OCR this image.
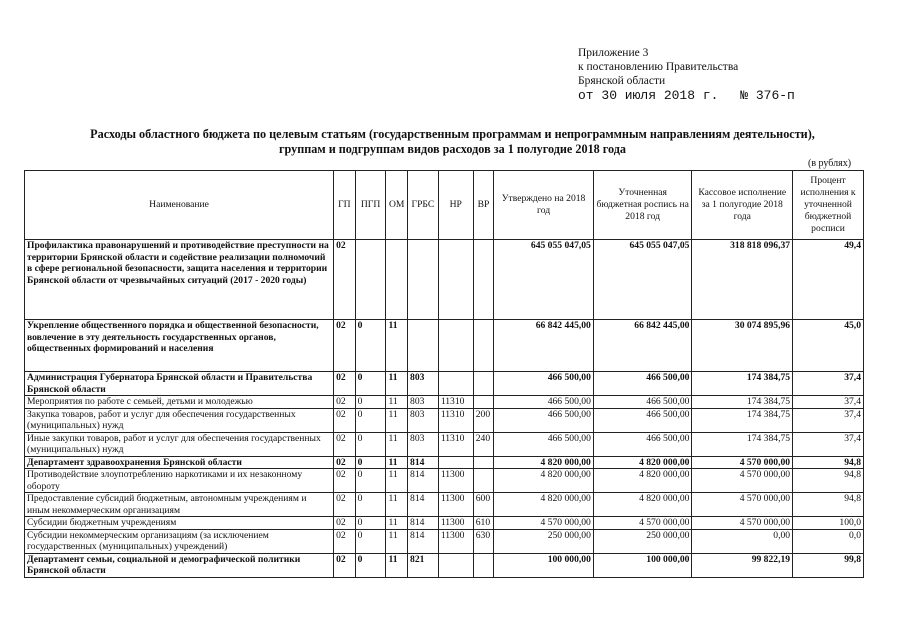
Приложение 3
к постановлению Правительства
Брянской области
от 30 июля 2018 г. № 376-п
Расходы областного бюджета по целевым статьям (государственным программам и непрограммным направлениям деятельности),
группам и подгруппам видов расходов за 1 полугодие 2018 года
(в рублях)
Наименование	ГП	ПГП	ОМ	ГРБС	НР	ВР	Утверждено на 2018 год	Уточненная бюджетная роспись на 2018 год	Кассовое исполнение за 1 полугодие 2018 года	Процент исполнения к уточненной бюджетной росписи
Профилактика правонарушений и противодействие преступности на территории Брянской области и содействие реализации полномочий в сфере региональной безопасности, защита населения и территории Брянской области от чрезвычайных ситуаций (2017 - 2020 годы)	02						645 055 047,05	645 055 047,05	318 818 096,37	49,4
Укрепление общественного порядка и общественной безопасности, вовлечение в эту деятельность государственных органов, общественных формирований и населения	02	0	11				66 842 445,00	66 842 445,00	30 074 895,96	45,0
Администрация Губернатора Брянской области и Правительства Брянской области	02	0	11	803			466 500,00	466 500,00	174 384,75	37,4
Мероприятия по работе с семьей, детьми и молодежью	02	0	11	803	11310		466 500,00	466 500,00	174 384,75	37,4
Закупка товаров, работ и услуг для обеспечения государственных (муниципальных) нужд	02	0	11	803	11310	200	466 500,00	466 500,00	174 384,75	37,4
Иные закупки товаров, работ и услуг для обеспечения государственных (муниципальных) нужд	02	0	11	803	11310	240	466 500,00	466 500,00	174 384,75	37,4
Департамент здравоохранения Брянской области	02	0	11	814			4 820 000,00	4 820 000,00	4 570 000,00	94,8
Противодействие злоупотреблению наркотиками и их незаконному обороту	02	0	11	814	11300		4 820 000,00	4 820 000,00	4 570 000,00	94,8
Предоставление субсидий бюджетным, автономным учреждениям и иным некоммерческим организациям	02	0	11	814	11300	600	4 820 000,00	4 820 000,00	4 570 000,00	94,8
Субсидии бюджетным учреждениям	02	0	11	814	11300	610	4 570 000,00	4 570 000,00	4 570 000,00	100,0
Субсидии некоммерческим организациям (за исключением государственных (муниципальных) учреждений)	02	0	11	814	11300	630	250 000,00	250 000,00	0,00	0,0
Департамент семьи, социальной и демографической политики Брянской области	02	0	11	821			100 000,00	100 000,00	99 822,19	99,8
